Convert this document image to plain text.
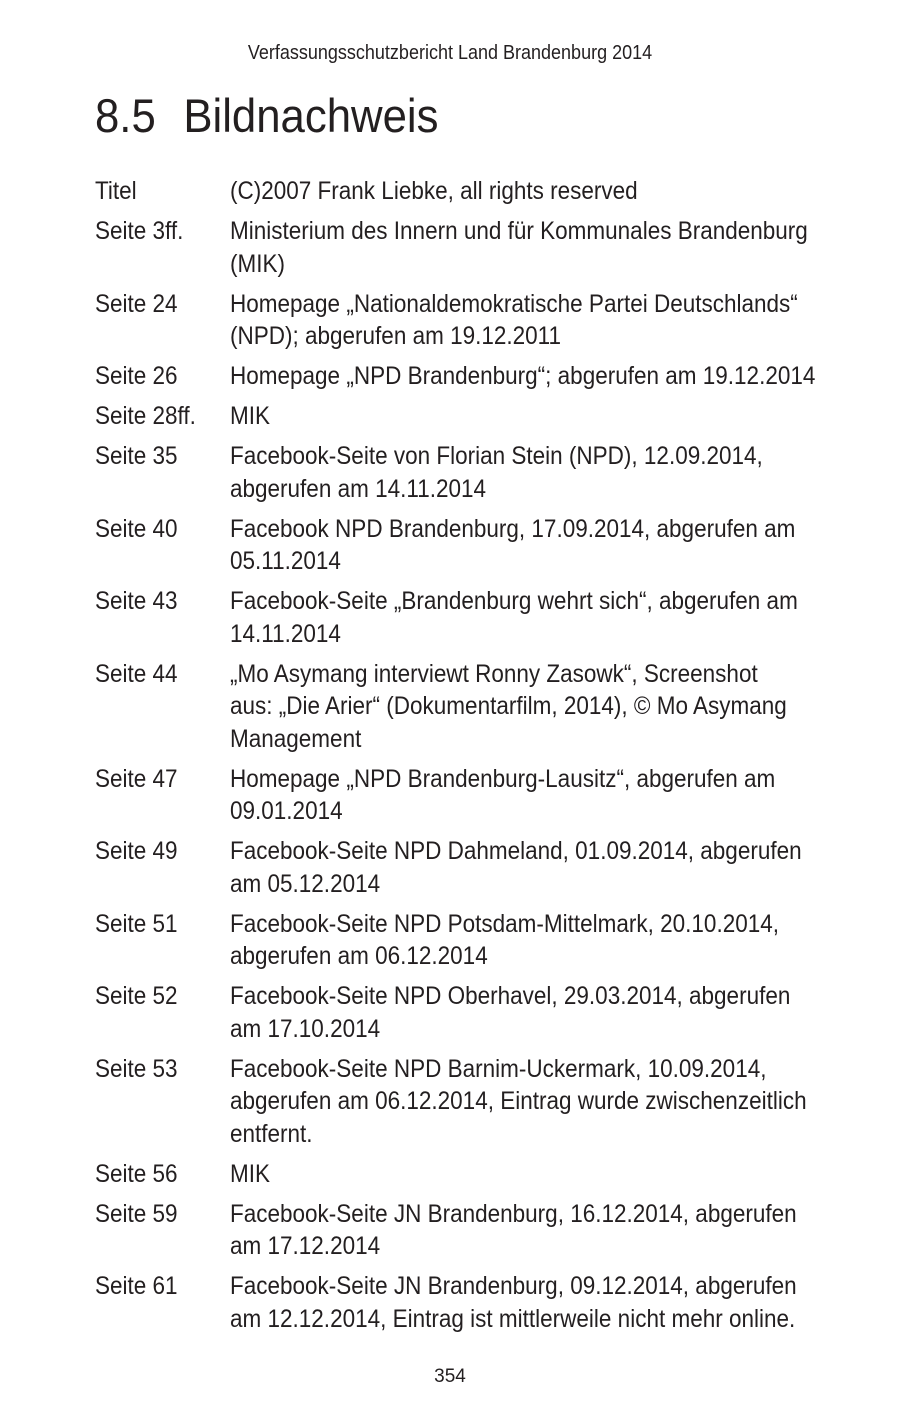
Verfassungsschutzbericht Land Brandenburg 2014
8.5 Bildnachweis
Titel	(C)2007 Frank Liebke, all rights reserved
Seite 3ff.	Ministerium des Innern und für Kommunales Brandenburg
(MIK)
Seite 24	Homepage „Nationaldemokratische Partei Deutschlands“
(NPD); abgerufen am 19.12.2011
Seite 26	Homepage „NPD Brandenburg“; abgerufen am 19.12.2014
Seite 28ff.	MIK
Seite 35	Facebook-Seite von Florian Stein (NPD), 12.09.2014,
abgerufen am 14.11.2014
Seite 40	Facebook NPD Brandenburg, 17.09.2014, abgerufen am
05.11.2014
Seite 43	Facebook-Seite „Brandenburg wehrt sich“, abgerufen am
14.11.2014
Seite 44	„Mo Asymang interviewt Ronny Zasowk“, Screenshot
aus: „Die Arier“ (Dokumentarfilm, 2014), © Mo Asymang
Management
Seite 47	Homepage „NPD Brandenburg-Lausitz“, abgerufen am
09.01.2014
Seite 49	Facebook-Seite NPD Dahmeland, 01.09.2014, abgerufen
am 05.12.2014
Seite 51	Facebook-Seite NPD Potsdam-Mittelmark, 20.10.2014,
abgerufen am 06.12.2014
Seite 52	Facebook-Seite NPD Oberhavel, 29.03.2014, abgerufen
am 17.10.2014
Seite 53	Facebook-Seite NPD Barnim-Uckermark, 10.09.2014,
abgerufen am 06.12.2014, Eintrag wurde zwischenzeitlich
entfernt.
Seite 56	MIK
Seite 59	Facebook-Seite JN Brandenburg, 16.12.2014, abgerufen
am 17.12.2014
Seite 61	Facebook-Seite JN Brandenburg, 09.12.2014, abgerufen
am 12.12.2014, Eintrag ist mittlerweile nicht mehr online.
354
